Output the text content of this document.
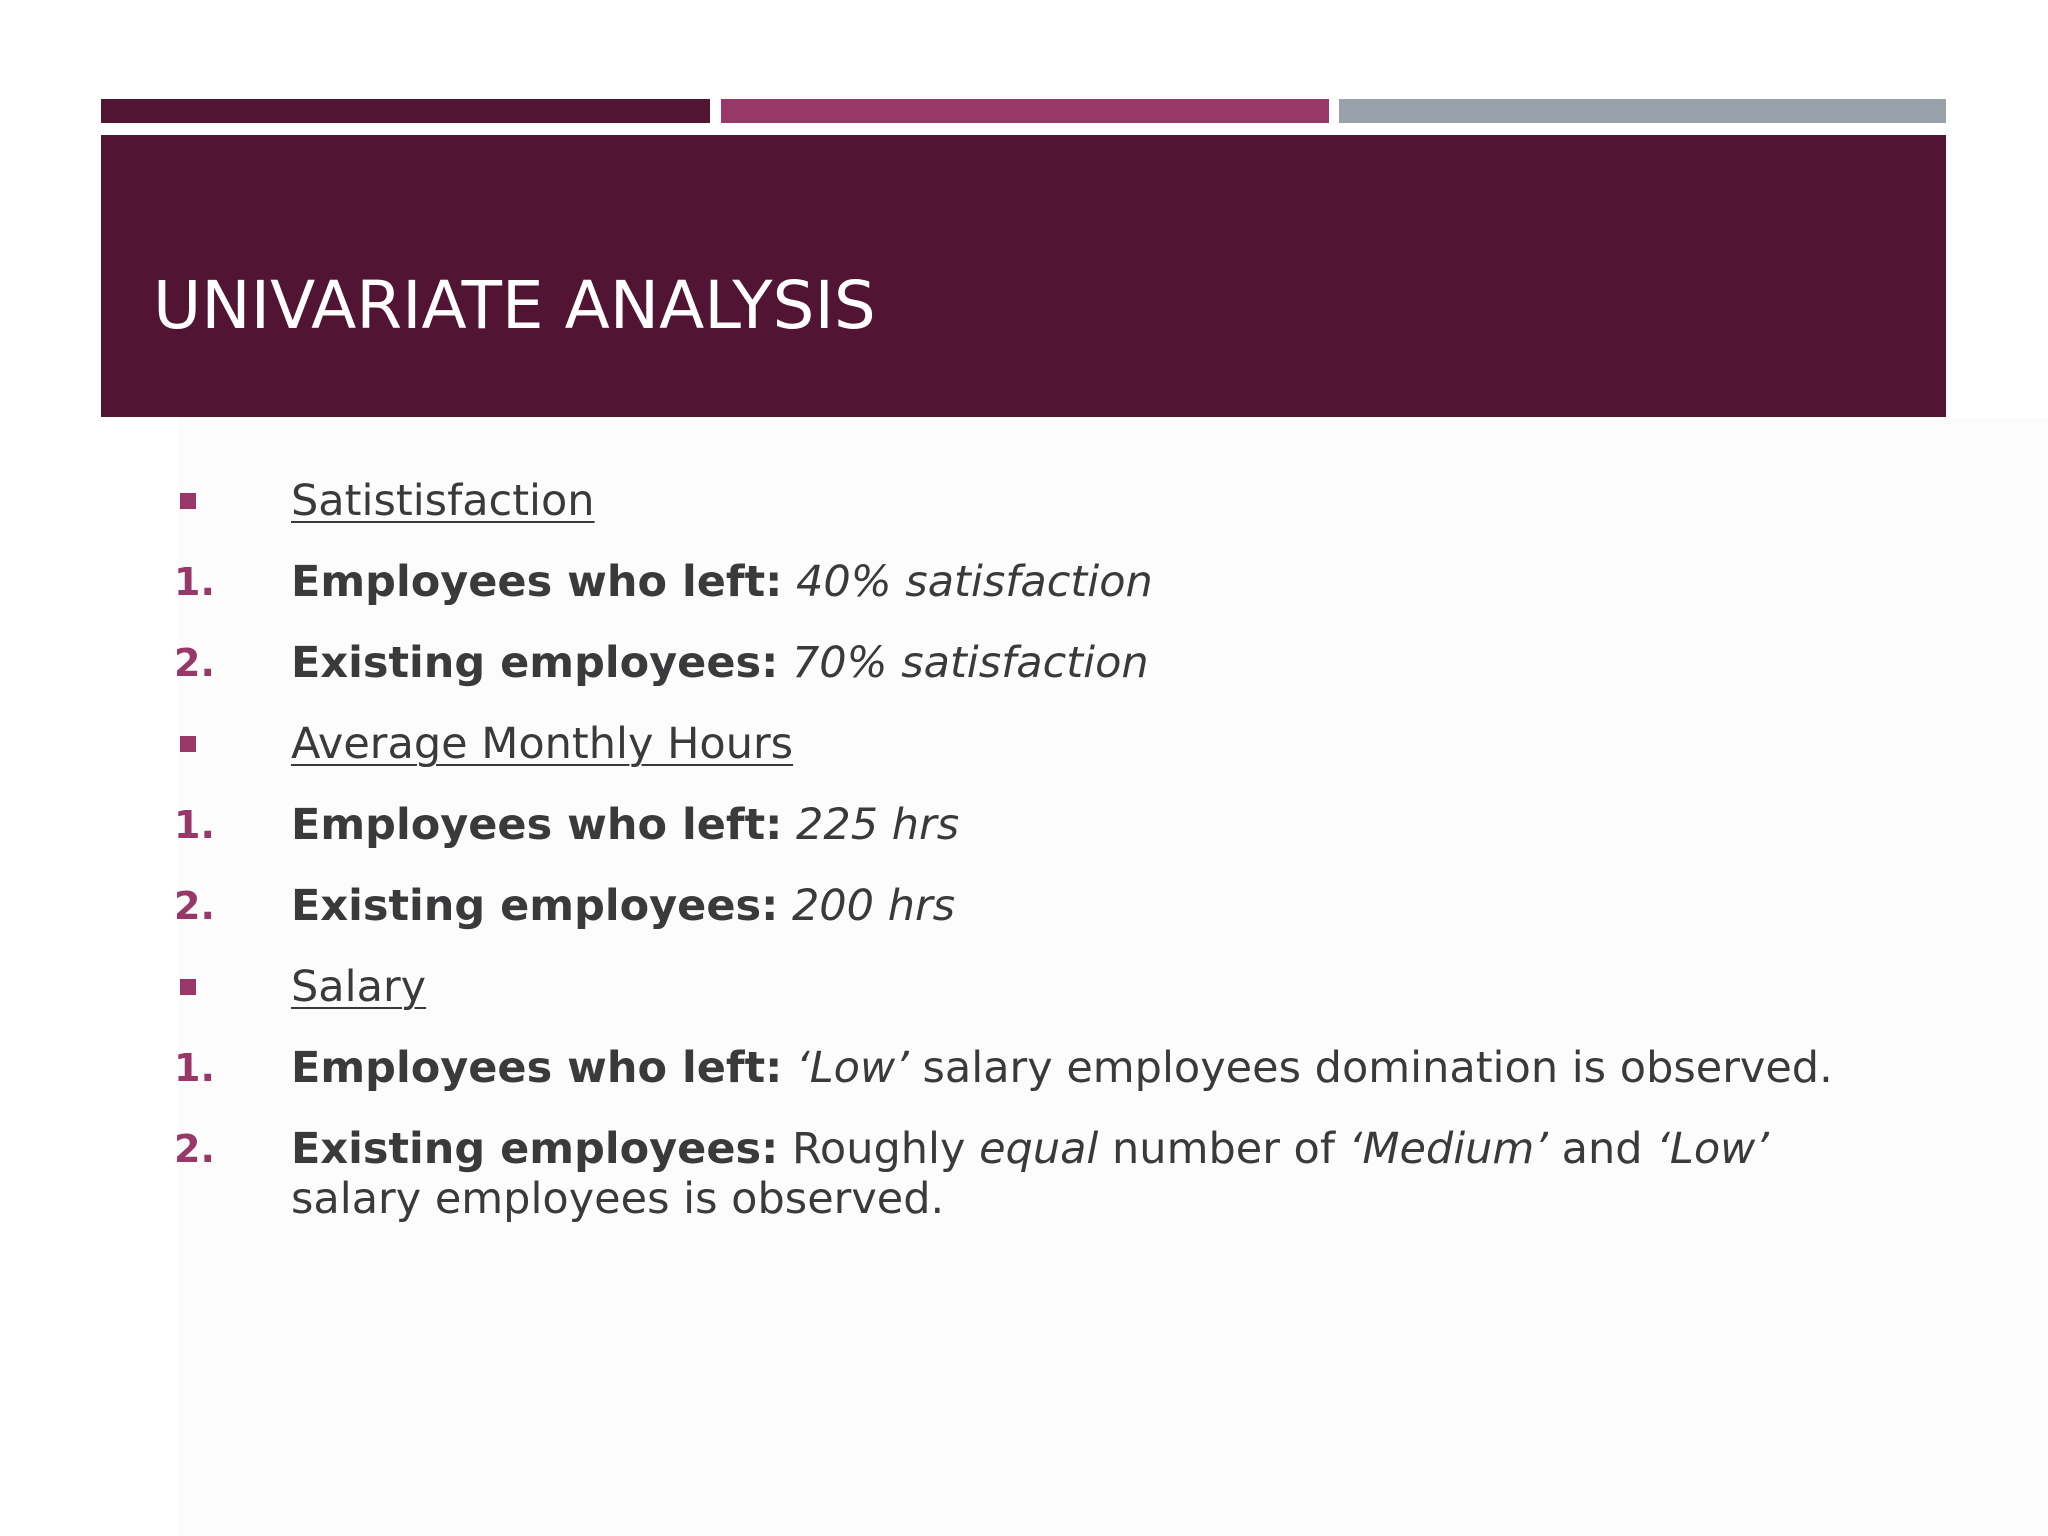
UNIVARIATE ANALYSIS
Satistisfaction
1. Employees who left: 40% satisfaction
2. Existing employees: 70% satisfaction
Average Monthly Hours
1. Employees who left: 225 hrs
2. Existing employees: 200 hrs
Salary
1. Employees who left: ‘Low’ salary employees domination is observed.
2. Existing employees: Roughly equal number of ‘Medium’ and ‘Low’ salary employees is observed.
